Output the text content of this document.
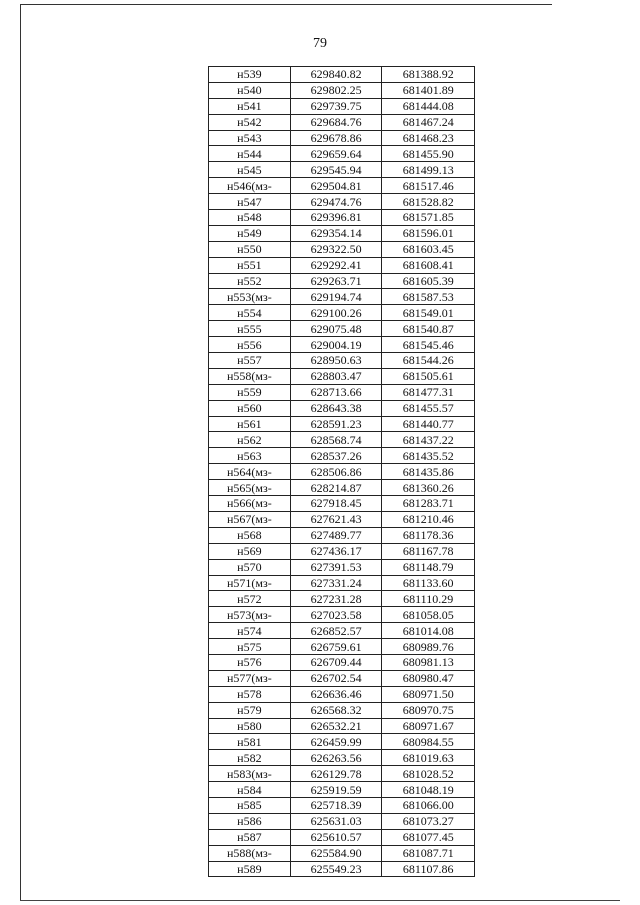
79
н539	629840.82	681388.92
н540	629802.25	681401.89
н541	629739.75	681444.08
н542	629684.76	681467.24
н543	629678.86	681468.23
н544	629659.64	681455.90
н545	629545.94	681499.13
н546(мз-	629504.81	681517.46
н547	629474.76	681528.82
н548	629396.81	681571.85
н549	629354.14	681596.01
н550	629322.50	681603.45
н551	629292.41	681608.41
н552	629263.71	681605.39
н553(мз-	629194.74	681587.53
н554	629100.26	681549.01
н555	629075.48	681540.87
н556	629004.19	681545.46
н557	628950.63	681544.26
н558(мз-	628803.47	681505.61
н559	628713.66	681477.31
н560	628643.38	681455.57
н561	628591.23	681440.77
н562	628568.74	681437.22
н563	628537.26	681435.52
н564(мз-	628506.86	681435.86
н565(мз-	628214.87	681360.26
н566(мз-	627918.45	681283.71
н567(мз-	627621.43	681210.46
н568	627489.77	681178.36
н569	627436.17	681167.78
н570	627391.53	681148.79
н571(мз-	627331.24	681133.60
н572	627231.28	681110.29
н573(мз-	627023.58	681058.05
н574	626852.57	681014.08
н575	626759.61	680989.76
н576	626709.44	680981.13
н577(мз-	626702.54	680980.47
н578	626636.46	680971.50
н579	626568.32	680970.75
н580	626532.21	680971.67
н581	626459.99	680984.55
н582	626263.56	681019.63
н583(мз-	626129.78	681028.52
н584	625919.59	681048.19
н585	625718.39	681066.00
н586	625631.03	681073.27
н587	625610.57	681077.45
н588(мз-	625584.90	681087.71
н589	625549.23	681107.86
